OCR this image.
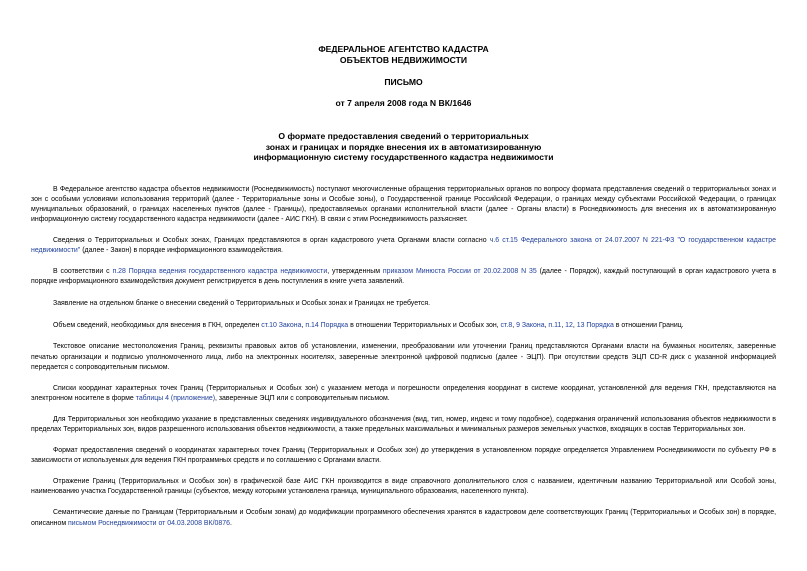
ФЕДЕРАЛЬНОЕ АГЕНТСТВО КАДАСТРА
ОБЪЕКТОВ НЕДВИЖИМОСТИ
ПИСЬМО
от 7 апреля 2008 года N ВК/1646
О формате предоставления сведений о территориальных
зонах и границах и порядке внесения их в автоматизированную
информационную систему государственного кадастра недвижимости

В Федеральное агентство кадастра объектов недвижимости (Роснедвижимость) поступают многочисленные обращения территориальных органов по вопросу формата представления сведений о территориальных зонах и зон с особыми условиями использования территорий (далее - Территориальные зоны и Особые зоны), о Государственной границе Российской Федерации, о границах между субъектами Российской Федерации, о границах муниципальных образований, о границах населенных пунктов (далее - Границы), предоставляемых органами исполнительной власти (далее - Органы власти) в Роснедвижимость для внесения их в автоматизированную информационную систему государственного кадастра недвижимости (далее - АИС ГКН). В связи с этим Роснедвижимость разъясняет.

Сведения о Территориальных и Особых зонах, Границах представляются в орган кадастрового учета Органами власти согласно ч.6 ст.15 Федерального закона от 24.07.2007 N 221-ФЗ "О государственном кадастре недвижимости" (далее - Закон) в порядке информационного взаимодействия.

В соответствии с п.28 Порядка ведения государственного кадастра недвижимости, утвержденным приказом Минюста России от 20.02.2008 N 35 (далее - Порядок), каждый поступающий в орган кадастрового учета в порядке информационного взаимодействия документ регистрируется в день поступления в книге учета заявлений.

Заявление на отдельном бланке о внесении сведений о Территориальных и Особых зонах и Границах не требуется.

Объем сведений, необходимых для внесения в ГКН, определен ст.10 Закона, п.14 Порядка в отношении Территориальных и Особых зон, ст.8, 9 Закона, п.11, 12, 13 Порядка в отношении Границ.

Текстовое описание местоположения Границ, реквизиты правовых актов об установлении, изменении, преобразовании или уточнении Границ представляются Органами власти на бумажных носителях, заверенные печатью организации и подписью уполномоченного лица, либо на электронных носителях, заверенные электронной цифровой подписью (далее - ЭЦП). При отсутствии средств ЭЦП CD-R диск с указанной информацией передается с сопроводительным письмом.

Списки координат характерных точек Границ (Территориальных и Особых зон) с указанием метода и погрешности определения координат в системе координат, установленной для ведения ГКН, представляются на электронном носителе в форме таблицы 4 (приложение), заверенные ЭЦП или с сопроводительным письмом.

Для Территориальных зон необходимо указание в представленных сведениях индивидуального обозначения (вид, тип, номер, индекс и тому подобное), содержания ограничений использования объектов недвижимости в пределах Территориальных зон, видов разрешенного использования объектов недвижимости, а также предельных максимальных и минимальных размеров земельных участков, входящих в состав Территориальных зон.

Формат предоставления сведений о координатах характерных точек Границ (Территориальных и Особых зон) до утверждения в установленном порядке определяется Управлением Роснедвижимости по субъекту РФ в зависимости от используемых для ведения ГКН программных средств и по соглашению с Органами власти.

Отражение Границ (Территориальных и Особых зон) в графической базе АИС ГКН производится в виде справочного дополнительного слоя с названием, идентичным названию Территориальной или Особой зоны, наименованию участка Государственной границы (субъектов, между которыми установлена граница, муниципального образования, населенного пункта).

Семантические данные по Границам (Территориальным и Особым зонам) до модификации программного обеспечения хранятся в кадастровом деле соответствующих Границ (Территориальных и Особых зон) в порядке, описанном письмом Роснедвижимости от 04.03.2008 ВК/0876.
